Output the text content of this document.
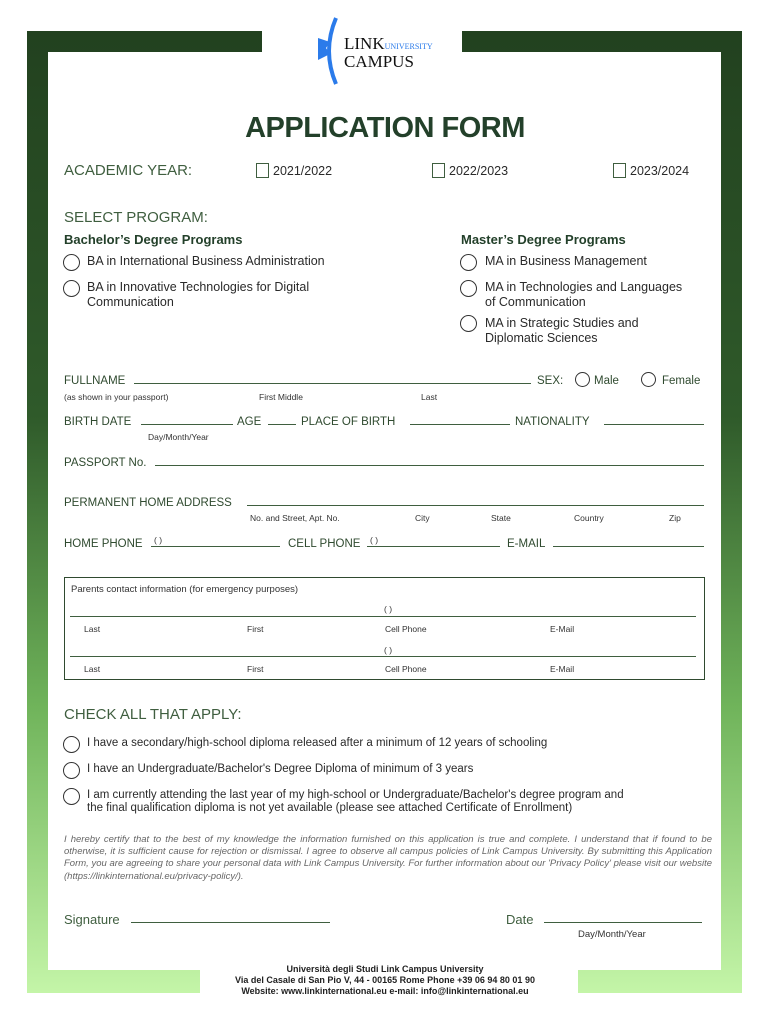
LINKUNIVERSITY
CAMPUS
APPLICATION FORM
ACADEMIC YEAR:	2021/2022	2022/2023	2023/2024
SELECT PROGRAM:
Bachelor’s Degree Programs	Master’s Degree Programs
BA in International Business Administration
BA in Innovative Technologies for Digital
Communication
MA in Business Management
MA in Technologies and Languages
of Communication
MA in Strategic Studies and
Diplomatic Sciences
FULLNAME	SEX:	Male	Female
(as shown in your passport)	First Middle	Last
BIRTH DATE	AGE	PLACE OF BIRTH	NATIONALITY
Day/Month/Year
PASSPORT No.
PERMANENT HOME ADDRESS
No. and Street, Apt. No.	City	State	Country	Zip
HOME PHONE ( )	CELL PHONE ( )	E-MAIL
Parents contact information (for emergency purposes)
( )
Last	First	Cell Phone	E-Mail
( )
Last	First	Cell Phone	E-Mail
CHECK ALL THAT APPLY:
I have a secondary/high-school diploma released after a minimum of 12 years of schooling
I have an Undergraduate/Bachelor's Degree Diploma of minimum of 3 years
I am currently attending the last year of my high-school or Undergraduate/Bachelor's degree program and
the final qualification diploma is not yet available (please see attached Certificate of Enrollment)
I hereby certify that to the best of my knowledge the information furnished on this application is true and complete. I understand that if found to be otherwise, it is sufficient cause for rejection or dismissal. I agree to observe all campus policies of Link Campus University. By submitting this Application Form, you are agreeing to share your personal data with Link Campus University. For further information about our 'Privacy Policy' please visit our website (https://linkinternational.eu/privacy-policy/).
Signature	Date
Day/Month/Year
Università degli Studi Link Campus University
Via del Casale di San Pio V, 44 - 00165 Rome Phone +39 06 94 80 01 90
Website: www.linkinternational.eu e-mail: info@linkinternational.eu
